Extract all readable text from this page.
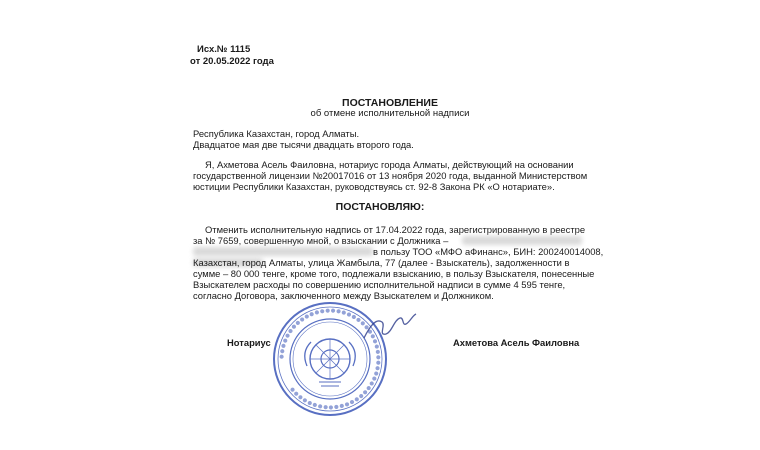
Исх.№ 1115
от 20.05.2022 года
ПОСТАНОВЛЕНИЕ
об отмене исполнительной надписи
Республика Казахстан, город Алматы.
Двадцатое мая две тысячи двадцать второго года.
Я, Ахметова Асель Фаиловна, нотариус города Алматы, действующий на основании
государственной лицензии №20017016 от 13 ноября 2020 года, выданной Министерством
юстиции Республики Казахстан, руководствуясь ст. 92-8 Закона РК «О нотариате».
ПОСТАНОВЛЯЮ:
Отменить исполнительную надпись от 17.04.2022 года, зарегистрированную в реестре
за № 7659, совершенную мной, о взыскании с Должника –
в пользу ТОО «МФО аФинанс», БИН: 200240014008,
Казахстан, город Алматы, улица Жамбыла, 77 (далее - Взыскатель), задолженности в
сумме – 80 000 тенге, кроме того, подлежали взысканию, в пользу Взыскателя, понесенные
Взыскателем расходы по совершению исполнительной надписи в сумме 4 595 тенге,
согласно Договора, заключенного между Взыскателем и Должником.
Нотариус	Ахметова Асель Фаиловна
●●●●●●●●●●●●●●●●●●●●●●●●●●●●●●●●●●●●●●●●●●●●●●●●●●
